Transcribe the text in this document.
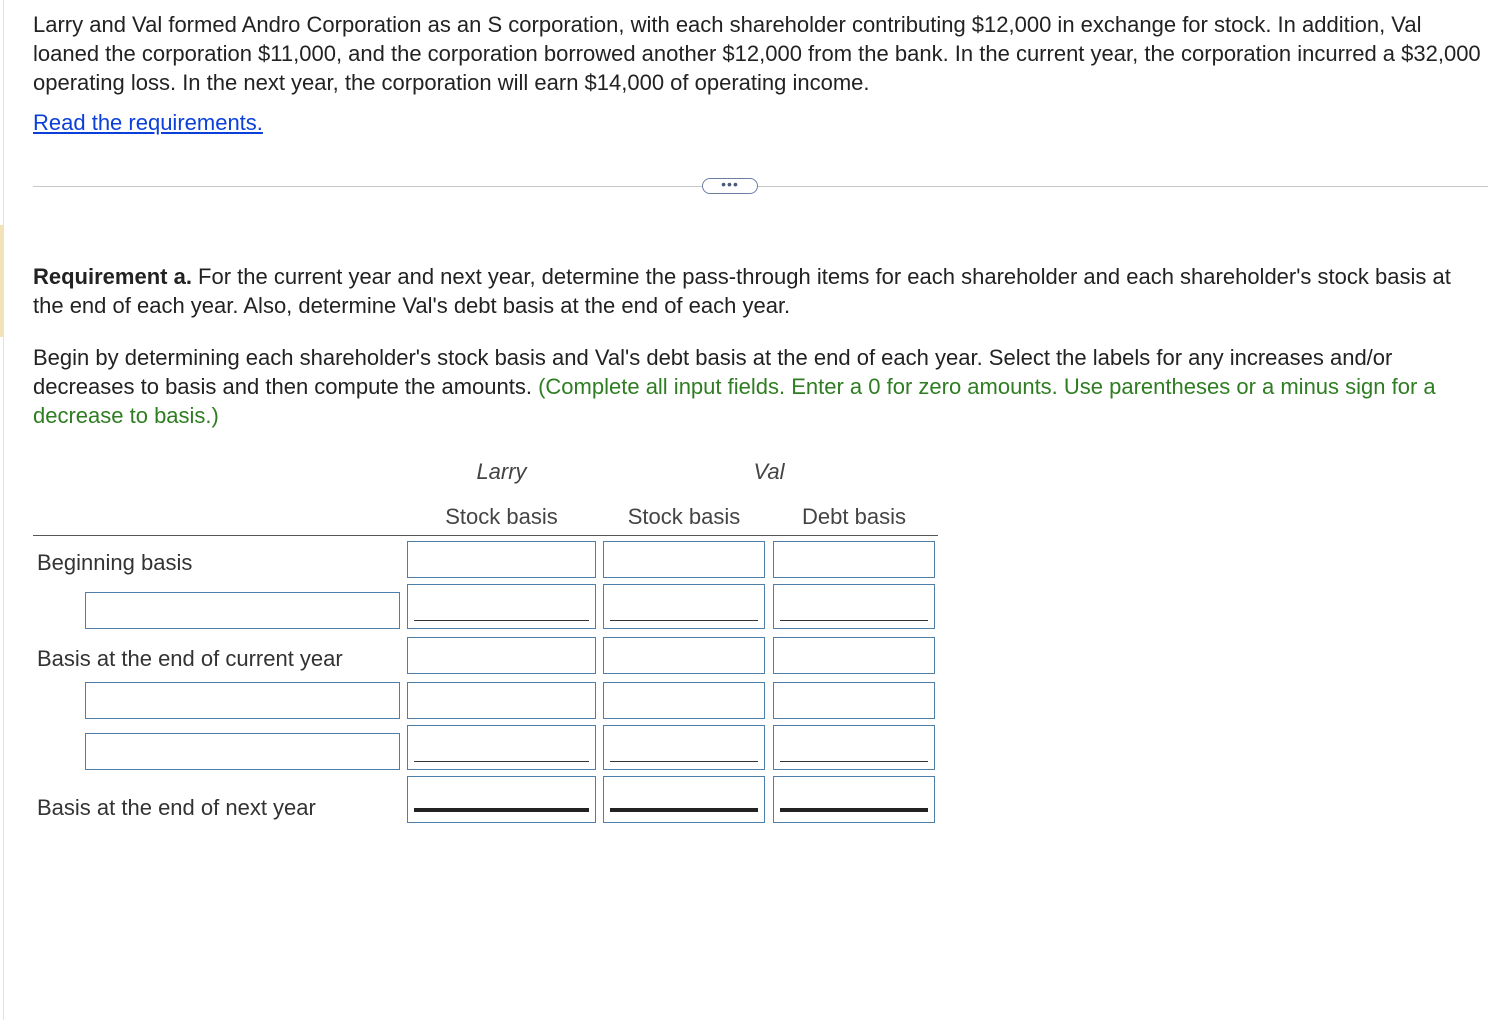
Larry and Val formed Andro Corporation as an S corporation, with each shareholder contributing $12,000 in exchange for stock. In addition, Val loaned the corporation $11,000, and the corporation borrowed another $12,000 from the bank. In the current year, the corporation incurred a $32,000 operating loss. In the next year, the corporation will earn $14,000 of operating income.

Read the requirements.
•••
Requirement a. For the current year and next year, determine the pass-through items for each shareholder and each shareholder's stock basis at the end of each year. Also, determine Val's debt basis at the end of each year.
Begin by determining each shareholder's stock basis and Val's debt basis at the end of each year. Select the labels for any increases and/or decreases to basis and then compute the amounts. (Complete all input fields. Enter a 0 for zero amounts. Use parentheses or a minus sign for a decrease to basis.)
Larry	Val
Stock basis	Stock basis	Debt basis
Beginning basis
Basis at the end of current year
Basis at the end of next year
